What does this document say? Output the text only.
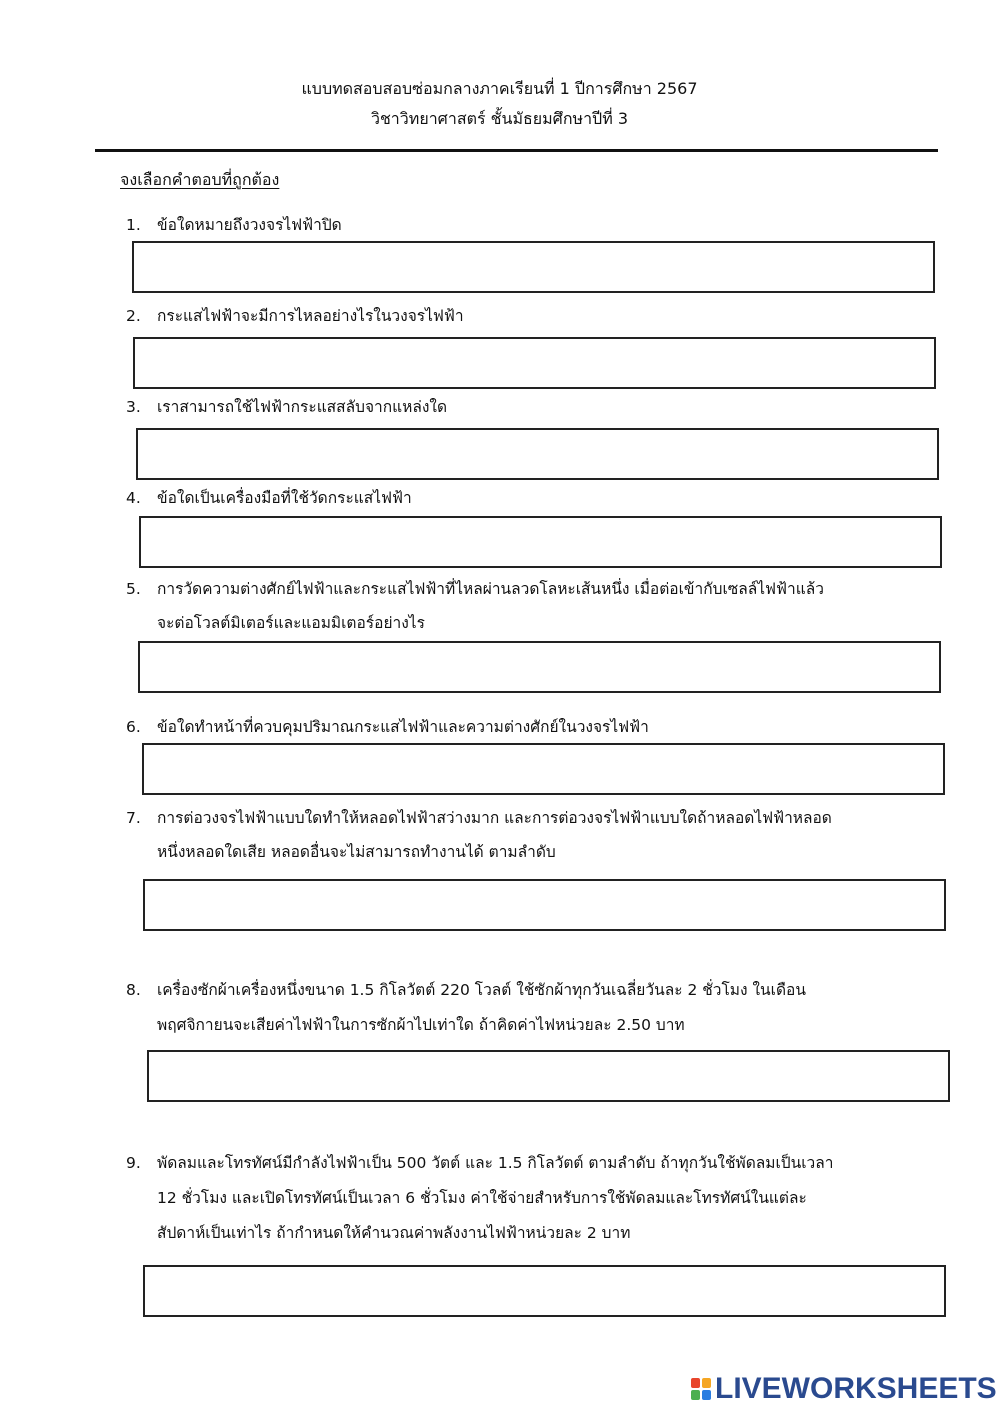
แบบทดสอบสอบซ่อมกลางภาคเรียนที่ 1 ปีการศึกษา 2567
วิชาวิทยาศาสตร์ ชั้นมัธยมศึกษาปีที่ 3
จงเลือกคำตอบที่ถูกต้อง
1. ข้อใดหมายถึงวงจรไฟฟ้าปิด
2. กระแสไฟฟ้าจะมีการไหลอย่างไรในวงจรไฟฟ้า
3. เราสามารถใช้ไฟฟ้ากระแสสลับจากแหล่งใด
4. ข้อใดเป็นเครื่องมือที่ใช้วัดกระแสไฟฟ้า
5. การวัดความต่างศักย์ไฟฟ้าและกระแสไฟฟ้าที่ไหลผ่านลวดโลหะเส้นหนึ่ง เมื่อต่อเข้ากับเซลล์ไฟฟ้าแล้ว
จะต่อโวลต์มิเตอร์และแอมมิเตอร์อย่างไร
6. ข้อใดทำหน้าที่ควบคุมปริมาณกระแสไฟฟ้าและความต่างศักย์ในวงจรไฟฟ้า
7. การต่อวงจรไฟฟ้าแบบใดทำให้หลอดไฟฟ้าสว่างมาก และการต่อวงจรไฟฟ้าแบบใดถ้าหลอดไฟฟ้าหลอด
หนึ่งหลอดใดเสีย หลอดอื่นจะไม่สามารถทำงานได้ ตามลำดับ
8. เครื่องซักผ้าเครื่องหนึ่งขนาด 1.5 กิโลวัตต์ 220 โวลต์ ใช้ซักผ้าทุกวันเฉลี่ยวันละ 2 ชั่วโมง ในเดือน
พฤศจิกายนจะเสียค่าไฟฟ้าในการซักผ้าไปเท่าใด ถ้าคิดค่าไฟหน่วยละ 2.50 บาท
9. พัดลมและโทรทัศน์มีกำลังไฟฟ้าเป็น 500 วัตต์ และ 1.5 กิโลวัตต์ ตามลำดับ ถ้าทุกวันใช้พัดลมเป็นเวลา
12 ชั่วโมง และเปิดโทรทัศน์เป็นเวลา 6 ชั่วโมง ค่าใช้จ่ายสำหรับการใช้พัดลมและโทรทัศน์ในแต่ละ
สัปดาห์เป็นเท่าไร ถ้ากำหนดให้คำนวณค่าพลังงานไฟฟ้าหน่วยละ 2 บาท
LIVEWORKSHEETS
